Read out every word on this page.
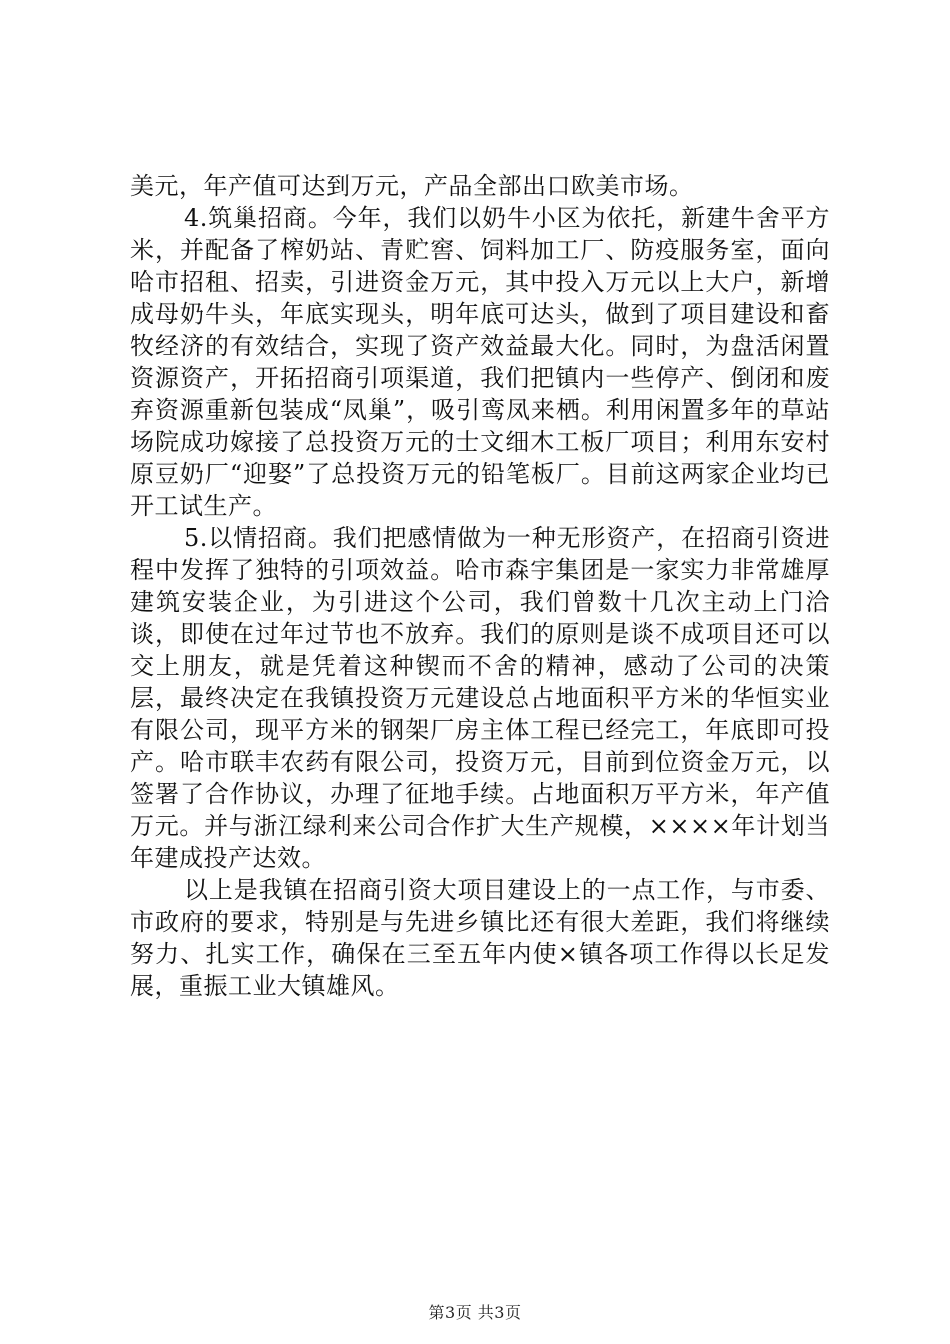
美元，年产值可达到万元，产品全部出口欧美市场。

4.筑巢招商。今年，我们以奶牛小区为依托，新建牛舍平方米，并配备了榨奶站、青贮窖、饲料加工厂、防疫服务室，面向哈市招租、招卖，引进资金万元，其中投入万元以上大户，新增成母奶牛头，年底实现头，明年底可达头，做到了项目建设和畜牧经济的有效结合，实现了资产效益最大化。同时，为盘活闲置资源资产，开拓招商引项渠道，我们把镇内一些停产、倒闭和废弃资源重新包装成“凤巢”，吸引鸾凤来栖。利用闲置多年的草站场院成功嫁接了总投资万元的士文细木工板厂项目；利用东安村原豆奶厂“迎娶”了总投资万元的铅笔板厂。目前这两家企业均已开工试生产。

5.以情招商。我们把感情做为一种无形资产，在招商引资进程中发挥了独特的引项效益。哈市森宇集团是一家实力非常雄厚建筑安装企业，为引进这个公司，我们曾数十几次主动上门洽谈，即使在过年过节也不放弃。我们的原则是谈不成项目还可以交上朋友，就是凭着这种锲而不舍的精神，感动了公司的决策层，最终决定在我镇投资万元建设总占地面积平方米的华恒实业有限公司，现平方米的钢架厂房主体工程已经完工，年底即可投产。哈市联丰农药有限公司，投资万元，目前到位资金万元，以签署了合作协议，办理了征地手续。占地面积万平方米，年产值万元。并与浙江绿利来公司合作扩大生产规模，××××年计划当年建成投产达效。

以上是我镇在招商引资大项目建设上的一点工作，与市委、市政府的要求，特别是与先进乡镇比还有很大差距，我们将继续努力、扎实工作，确保在三至五年内使×镇各项工作得以长足发展，重振工业大镇雄风。

第3页 共3页
